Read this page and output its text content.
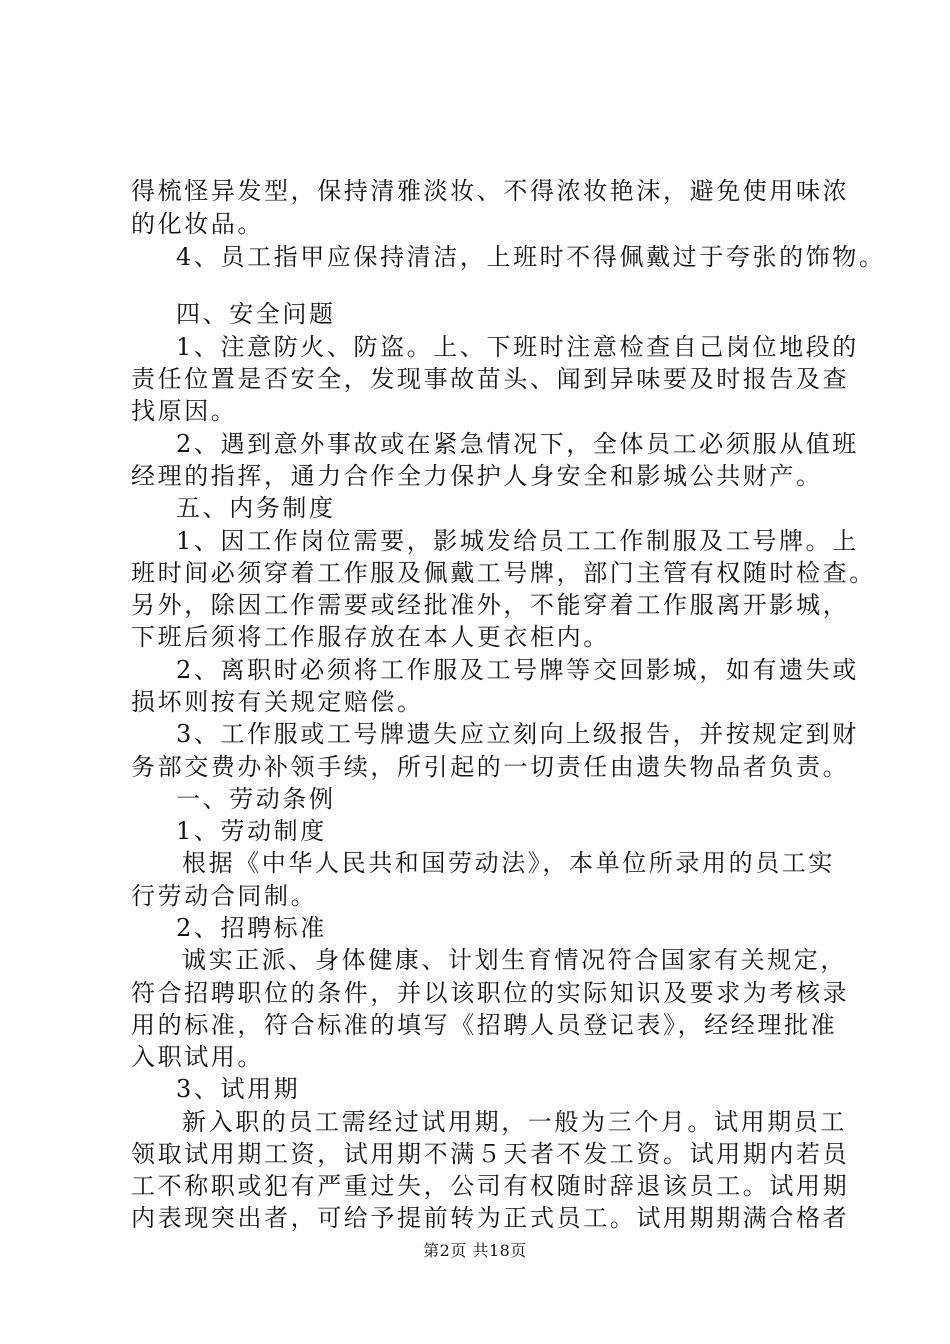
得梳怪异发型，保持清雅淡妆、不得浓妆艳沫，避免使用味浓
的化妆品。
4、员工指甲应保持清洁，上班时不得佩戴过于夸张的饰物。
四、安全问题
1、注意防火、防盗。上、下班时注意检查自己岗位地段的
责任位置是否安全，发现事故苗头、闻到异味要及时报告及查
找原因。
2、遇到意外事故或在紧急情况下，全体员工必须服从值班
经理的指挥，通力合作全力保护人身安全和影城公共财产。
五、内务制度
1、因工作岗位需要，影城发给员工工作制服及工号牌。上
班时间必须穿着工作服及佩戴工号牌，部门主管有权随时检查。
另外，除因工作需要或经批准外，不能穿着工作服离开影城，
下班后须将工作服存放在本人更衣柜内。
2、离职时必须将工作服及工号牌等交回影城，如有遗失或
损坏则按有关规定赔偿。
3、工作服或工号牌遗失应立刻向上级报告，并按规定到财
务部交费办补领手续，所引起的一切责任由遗失物品者负责。
一、劳动条例
1、劳动制度
根据《中华人民共和国劳动法》，本单位所录用的员工实
行劳动合同制。
2、招聘标准
诚实正派、身体健康、计划生育情况符合国家有关规定，
符合招聘职位的条件，并以该职位的实际知识及要求为考核录
用的标准，符合标准的填写《招聘人员登记表》，经经理批准
入职试用。
3、试用期
新入职的员工需经过试用期，一般为三个月。试用期员工
领取试用期工资，试用期不满５天者不发工资。试用期内若员
工不称职或犯有严重过失，公司有权随时辞退该员工。试用期
内表现突出者，可给予提前转为正式员工。试用期期满合格者
第2页 共18页
